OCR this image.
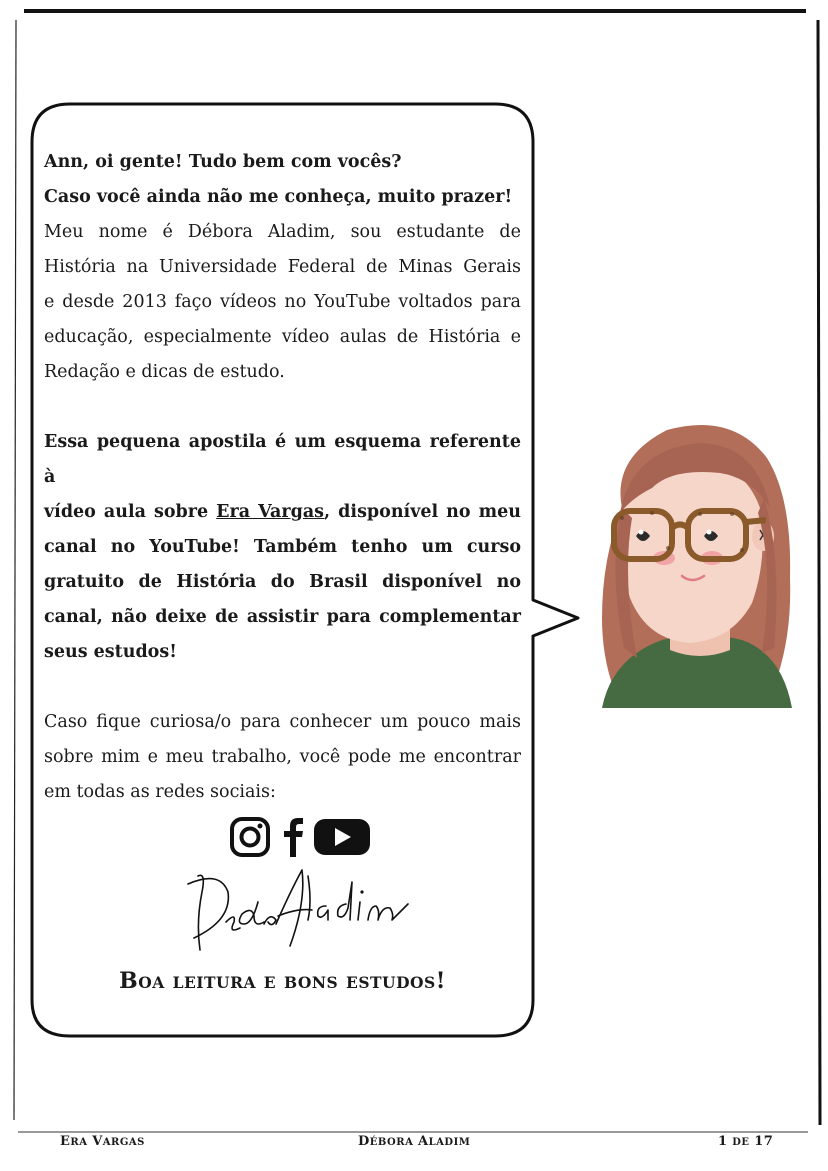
Ann, oi gente! Tudo bem com vocês?

Caso você ainda não me conheça, muito prazer!

Meu nome é Débora Aladim, sou estudante de

História na Universidade Federal de Minas Gerais

e desde 2013 faço vídeos no YouTube voltados para

educação, especialmente vídeo aulas de História e

Redação e dicas de estudo.

Essa pequena apostila é um esquema referente à

vídeo aula sobre Era Vargas, disponível no meu

canal no YouTube! Também tenho um curso

gratuito de História do Brasil disponível no

canal, não deixe de assistir para complementar

seus estudos!

Caso fique curiosa/o para conhecer um pouco mais

sobre mim e meu trabalho, você pode me encontrar

em todas as redes sociais:

BOA LEITURA E BONS ESTUDOS!
ERA VARGAS	DÉBORA ALADIM	1 DE 17
